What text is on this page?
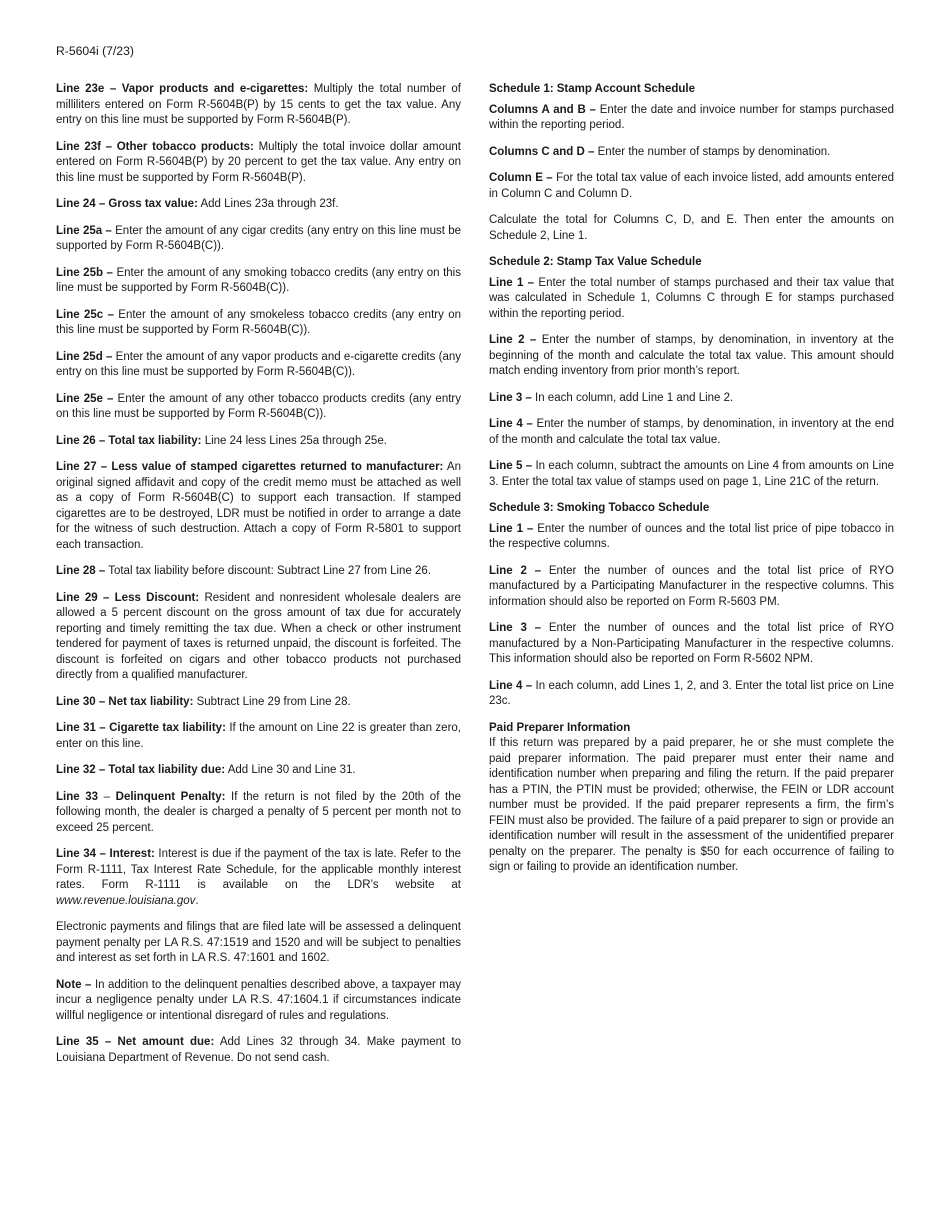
R-5604i (7/23)

Line 23e – Vapor products and e-cigarettes: Multiply the total number of milliliters entered on Form R-5604B(P) by 15 cents to get the tax value. Any entry on this line must be supported by Form R-5604B(P).

Line 23f – Other tobacco products: Multiply the total invoice dollar amount entered on Form R-5604B(P) by 20 percent to get the tax value. Any entry on this line must be supported by Form R-5604B(P).

Line 24 – Gross tax value: Add Lines 23a through 23f.

Line 25a – Enter the amount of any cigar credits (any entry on this line must be supported by Form R-5604B(C)).

Line 25b – Enter the amount of any smoking tobacco credits (any entry on this line must be supported by Form R-5604B(C)).

Line 25c – Enter the amount of any smokeless tobacco credits (any entry on this line must be supported by Form R-5604B(C)).

Line 25d – Enter the amount of any vapor products and e-cigarette credits (any entry on this line must be supported by Form R-5604B(C)).

Line 25e – Enter the amount of any other tobacco products credits (any entry on this line must be supported by Form R-5604B(C)).

Line 26 – Total tax liability: Line 24 less Lines 25a through 25e.

Line 27 – Less value of stamped cigarettes returned to manufacturer: An original signed affidavit and copy of the credit memo must be attached as well as a copy of Form R-5604B(C) to support each transaction. If stamped cigarettes are to be destroyed, LDR must be notified in order to arrange a date for the witness of such destruction. Attach a copy of Form R-5801 to support each transaction.

Line 28 – Total tax liability before discount: Subtract Line 27 from Line 26.

Line 29 – Less Discount: Resident and nonresident wholesale dealers are allowed a 5 percent discount on the gross amount of tax due for accurately reporting and timely remitting the tax due. When a check or other instrument tendered for payment of taxes is returned unpaid, the discount is forfeited. The discount is forfeited on cigars and other tobacco products not purchased directly from a qualified manufacturer.

Line 30 – Net tax liability: Subtract Line 29 from Line 28.

Line 31 – Cigarette tax liability: If the amount on Line 22 is greater than zero, enter on this line.

Line 32 – Total tax liability due: Add Line 30 and Line 31.

Line 33 – Delinquent Penalty: If the return is not filed by the 20th of the following month, the dealer is charged a penalty of 5 percent per month not to exceed 25 percent.

Line 34 – Interest: Interest is due if the payment of the tax is late. Refer to the Form R-1111, Tax Interest Rate Schedule, for the applicable monthly interest rates. Form R-1111 is available on the LDR’s website at www.revenue.louisiana.gov.

Electronic payments and filings that are filed late will be assessed a delinquent payment penalty per LA R.S. 47:1519 and 1520 and will be subject to penalties and interest as set forth in LA R.S. 47:1601 and 1602.

Note – In addition to the delinquent penalties described above, a taxpayer may incur a negligence penalty under LA R.S. 47:1604.1 if circumstances indicate willful negligence or intentional disregard of rules and regulations.

Line 35 – Net amount due: Add Lines 32 through 34. Make payment to Louisiana Department of Revenue. Do not send cash.

Schedule 1: Stamp Account Schedule

Columns A and B – Enter the date and invoice number for stamps purchased within the reporting period.

Columns C and D – Enter the number of stamps by denomination.

Column E – For the total tax value of each invoice listed, add amounts entered in Column C and Column D.

Calculate the total for Columns C, D, and E. Then enter the amounts on Schedule 2, Line 1.

Schedule 2: Stamp Tax Value Schedule

Line 1 – Enter the total number of stamps purchased and their tax value that was calculated in Schedule 1, Columns C through E for stamps purchased within the reporting period.

Line 2 – Enter the number of stamps, by denomination, in inventory at the beginning of the month and calculate the total tax value. This amount should match ending inventory from prior month’s report.

Line 3 – In each column, add Line 1 and Line 2.

Line 4 – Enter the number of stamps, by denomination, in inventory at the end of the month and calculate the total tax value.

Line 5 – In each column, subtract the amounts on Line 4 from amounts on Line 3. Enter the total tax value of stamps used on page 1, Line 21C of the return.

Schedule 3: Smoking Tobacco Schedule

Line 1 – Enter the number of ounces and the total list price of pipe tobacco in the respective columns.

Line 2 – Enter the number of ounces and the total list price of RYO manufactured by a Participating Manufacturer in the respective columns. This information should also be reported on Form R-5603 PM.

Line 3 – Enter the number of ounces and the total list price of RYO manufactured by a Non-Participating Manufacturer in the respective columns. This information should also be reported on Form R-5602 NPM.

Line 4 – In each column, add Lines 1, 2, and 3. Enter the total list price on Line 23c.

Paid Preparer Information

If this return was prepared by a paid preparer, he or she must complete the paid preparer information. The paid preparer must enter their name and identification number when preparing and filing the return. If the paid preparer has a PTIN, the PTIN must be provided; otherwise, the FEIN or LDR account number must be provided. If the paid preparer represents a firm, the firm’s FEIN must also be provided. The failure of a paid preparer to sign or provide an identification number will result in the assessment of the unidentified preparer penalty on the preparer. The penalty is $50 for each occurrence of failing to sign or failing to provide an identification number.
